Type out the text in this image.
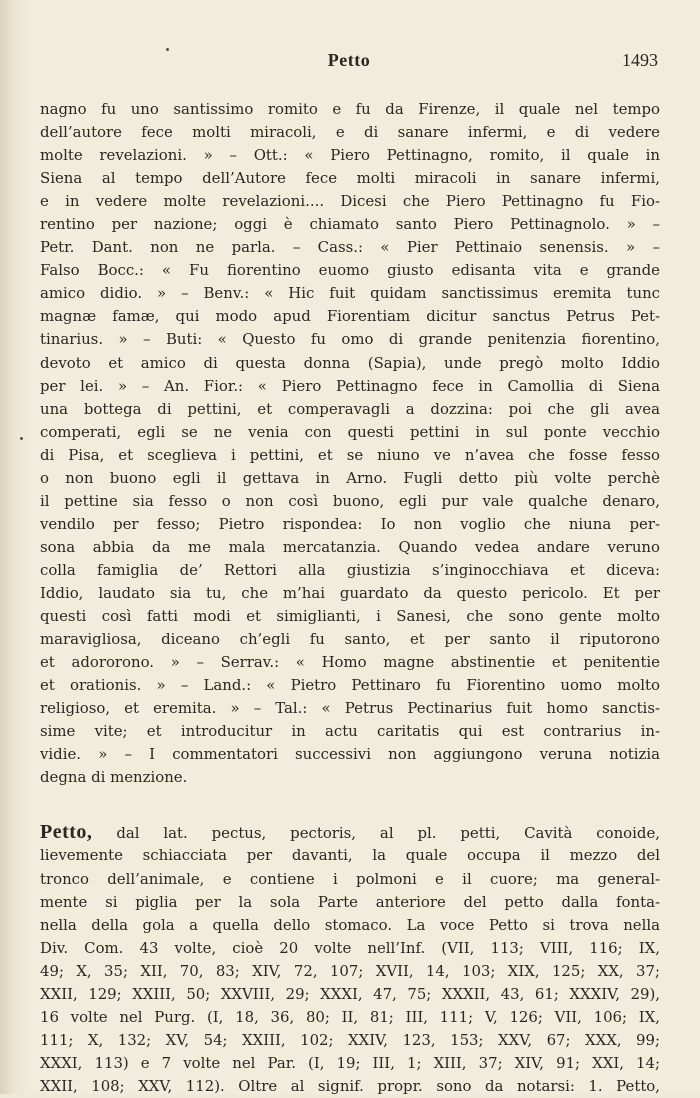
Petto	1493
nagno fu uno santissimo romito e fu da Firenze, il quale nel tempo
dell’autore fece molti miracoli, e di sanare infermi, e di vedere
molte revelazioni. » – Ott.: « Piero Pettinagno, romito, il quale in
Siena al tempo dell’Autore fece molti miracoli in sanare infermi,
e in vedere molte revelazioni.... Dicesi che Piero Pettinagno fu Fio-
rentino per nazione; oggi è chiamato santo Piero Pettinagnolo. » –
Petr. Dant. non ne parla. – Cass.: « Pier Pettinaio senensis. » –
Falso Bocc.: « Fu fiorentino euomo giusto edisanta vita e grande
amico didio. » – Benv.: « Hic fuit quidam sanctissimus eremita tunc
magnæ famæ, qui modo apud Fiorentiam dicitur sanctus Petrus Pet-
tinarius. » – Buti: « Questo fu omo di grande penitenzia fiorentino,
devoto et amico di questa donna (Sapia), unde pregò molto Iddio
per lei. » – An. Fior.: « Piero Pettinagno fece in Camollia di Siena
una bottega di pettini, et comperavagli a dozzina: poi che gli avea
comperati, egli se ne venia con questi pettini in sul ponte vecchio
di Pisa, et sceglieva i pettini, et se niuno ve n’avea che fosse fesso
o non buono egli il gettava in Arno. Fugli detto più volte perchè
il pettine sia fesso o non così buono, egli pur vale qualche denaro,
vendilo per fesso; Pietro rispondea: Io non voglio che niuna per-
sona abbia da me mala mercatanzia. Quando vedea andare veruno
colla famiglia de’ Rettori alla giustizia s’inginocchiava et diceva:
Iddio, laudato sia tu, che m’hai guardato da questo pericolo. Et per
questi così fatti modi et simiglianti, i Sanesi, che sono gente molto
maravigliosa, diceano ch’egli fu santo, et per santo il riputorono
et adororono. » – Serrav.: « Homo magne abstinentie et penitentie
et orationis. » – Land.: « Pietro Pettinaro fu Fiorentino uomo molto
religioso, et eremita. » – Tal.: « Petrus Pectinarius fuit homo sanctis-
sime vite; et introducitur in actu caritatis qui est contrarius in-
vidie. » – I commentatori successivi non aggiungono veruna notizia
degna di menzione.
Petto, dal lat. pectus, pectoris, al pl. petti, Cavità conoide,
lievemente schiacciata per davanti, la quale occupa il mezzo del
tronco dell’animale, e contiene i polmoni e il cuore; ma general-
mente si piglia per la sola Parte anteriore del petto dalla fonta-
nella della gola a quella dello stomaco. La voce Petto si trova nella
Div. Com. 43 volte, cioè 20 volte nell’Inf. (VII, 113; VIII, 116; IX,
49; X, 35; XII, 70, 83; XIV, 72, 107; XVII, 14, 103; XIX, 125; XX, 37;
XXII, 129; XXIII, 50; XXVIII, 29; XXXI, 47, 75; XXXII, 43, 61; XXXIV, 29),
16 volte nel Purg. (I, 18, 36, 80; II, 81; III, 111; V, 126; VII, 106; IX,
111; X, 132; XV, 54; XXIII, 102; XXIV, 123, 153; XXV, 67; XXX, 99;
XXXI, 113) e 7 volte nel Par. (I, 19; III, 1; XIII, 37; XIV, 91; XXI, 14;
XXII, 108; XXV, 112). Oltre al signif. propr. sono da notarsi: 1. Petto,
